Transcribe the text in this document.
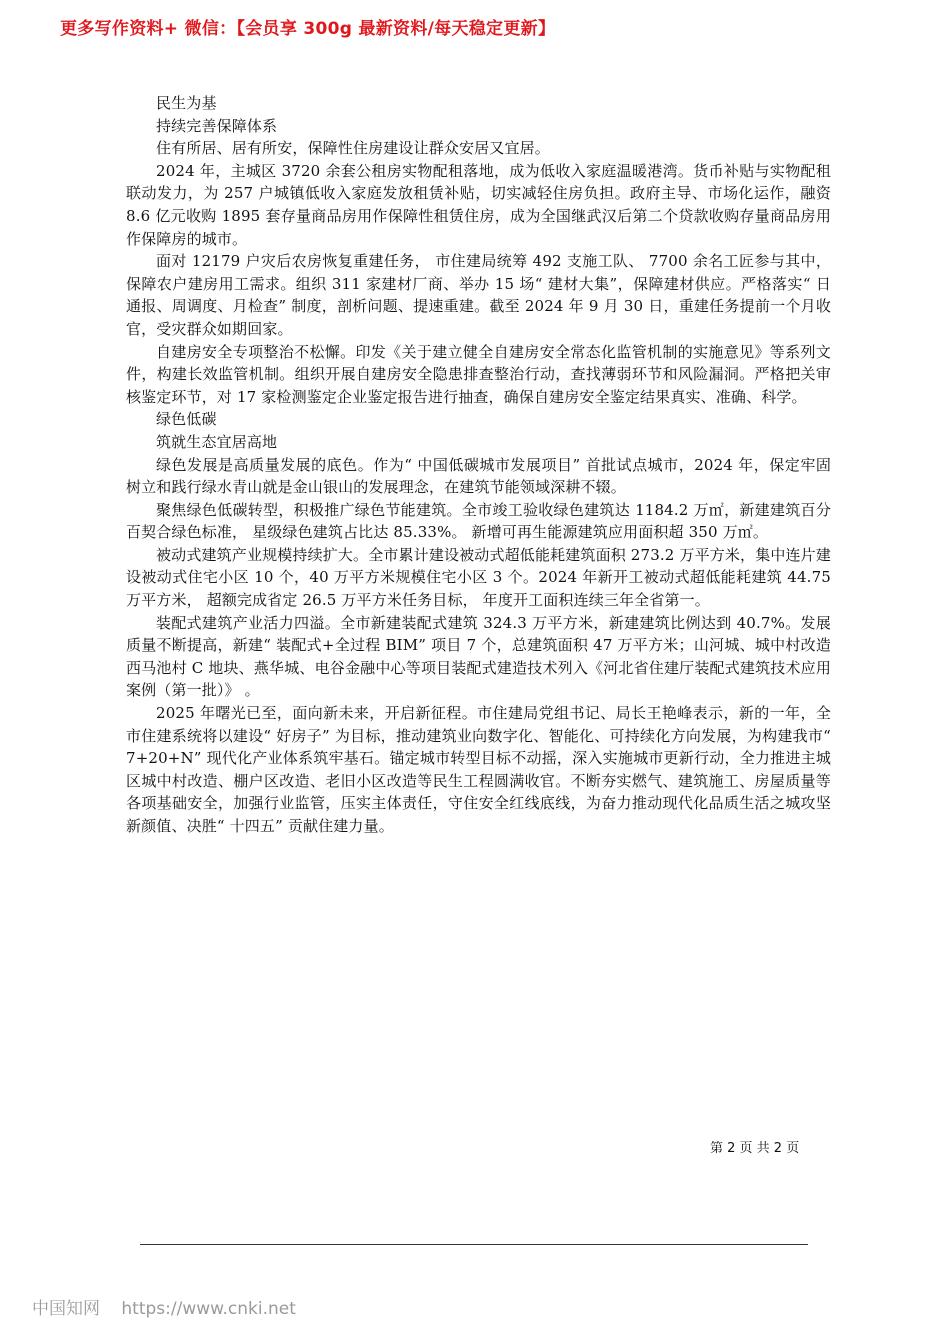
更多写作资料+ 微信：【会员享 300g 最新资料/每天稳定更新】

民生为基

持续完善保障体系

住有所居、居有所安，保障性住房建设让群众安居又宜居。

2024 年，主城区 3720 余套公租房实物配租落地，成为低收入家庭温暖港湾。货币补贴与实物配租联动发力，为 257 户城镇低收入家庭发放租赁补贴，切实减轻住房负担。政府主导、市场化运作，融资 8.6 亿元收购 1895 套存量商品房用作保障性租赁住房，成为全国继武汉后第二个贷款收购存量商品房用作保障房的城市。

面对 12179 户灾后农房恢复重建任务， 市住建局统筹 492 支施工队、 7700 余名工匠参与其中，保障农户建房用工需求。组织 311 家建材厂商、举办 15 场“ 建材大集”，保障建材供应。严格落实“ 日通报、周调度、月检查” 制度，剖析问题、提速重建。截至 2024 年 9 月 30 日，重建任务提前一个月收官，受灾群众如期回家。

自建房安全专项整治不松懈。印发《关于建立健全自建房安全常态化监管机制的实施意见》等系列文件，构建长效监管机制。组织开展自建房安全隐患排查整治行动，查找薄弱环节和风险漏洞。严格把关审核鉴定环节，对 17 家检测鉴定企业鉴定报告进行抽查，确保自建房安全鉴定结果真实、准确、科学。

绿色低碳

筑就生态宜居高地

绿色发展是高质量发展的底色。作为“ 中国低碳城市发展项目” 首批试点城市，2024 年，保定牢固树立和践行绿水青山就是金山银山的发展理念，在建筑节能领域深耕不辍。

聚焦绿色低碳转型，积极推广绿色节能建筑。全市竣工验收绿色建筑达 1184.2 万㎡，新建建筑百分百契合绿色标准， 星级绿色建筑占比达 85.33%。 新增可再生能源建筑应用面积超 350 万㎡。

被动式建筑产业规模持续扩大。全市累计建设被动式超低能耗建筑面积 273.2 万平方米，集中连片建设被动式住宅小区 10 个，40 万平方米规模住宅小区 3 个。2024 年新开工被动式超低能耗建筑 44.75 万平方米， 超额完成省定 26.5 万平方米任务目标， 年度开工面积连续三年全省第一。

装配式建筑产业活力四溢。全市新建装配式建筑 324.3 万平方米，新建建筑比例达到 40.7%。发展质量不断提高，新建“ 装配式+全过程 BIM” 项目 7 个，总建筑面积 47 万平方米；山河城、城中村改造西马池村 C 地块、燕华城、电谷金融中心等项目装配式建造技术列入《河北省住建厅装配式建筑技术应用案例（第一批）》 。

2025 年曙光已至，面向新未来，开启新征程。市住建局党组书记、局长王艳峰表示，新的一年，全市住建系统将以建设“ 好房子” 为目标，推动建筑业向数字化、智能化、可持续化方向发展，为构建我市“ 7+20+N” 现代化产业体系筑牢基石。锚定城市转型目标不动摇，深入实施城市更新行动，全力推进主城区城中村改造、棚户区改造、老旧小区改造等民生工程圆满收官。不断夯实燃气、建筑施工、房屋质量等各项基础安全，加强行业监管，压实主体责任，守住安全红线底线，为奋力推动现代化品质生活之城攻坚新颜值、决胜“ 十四五” 贡献住建力量。

第 2 页 共 2 页
中国知网 https://www.cnki.net
